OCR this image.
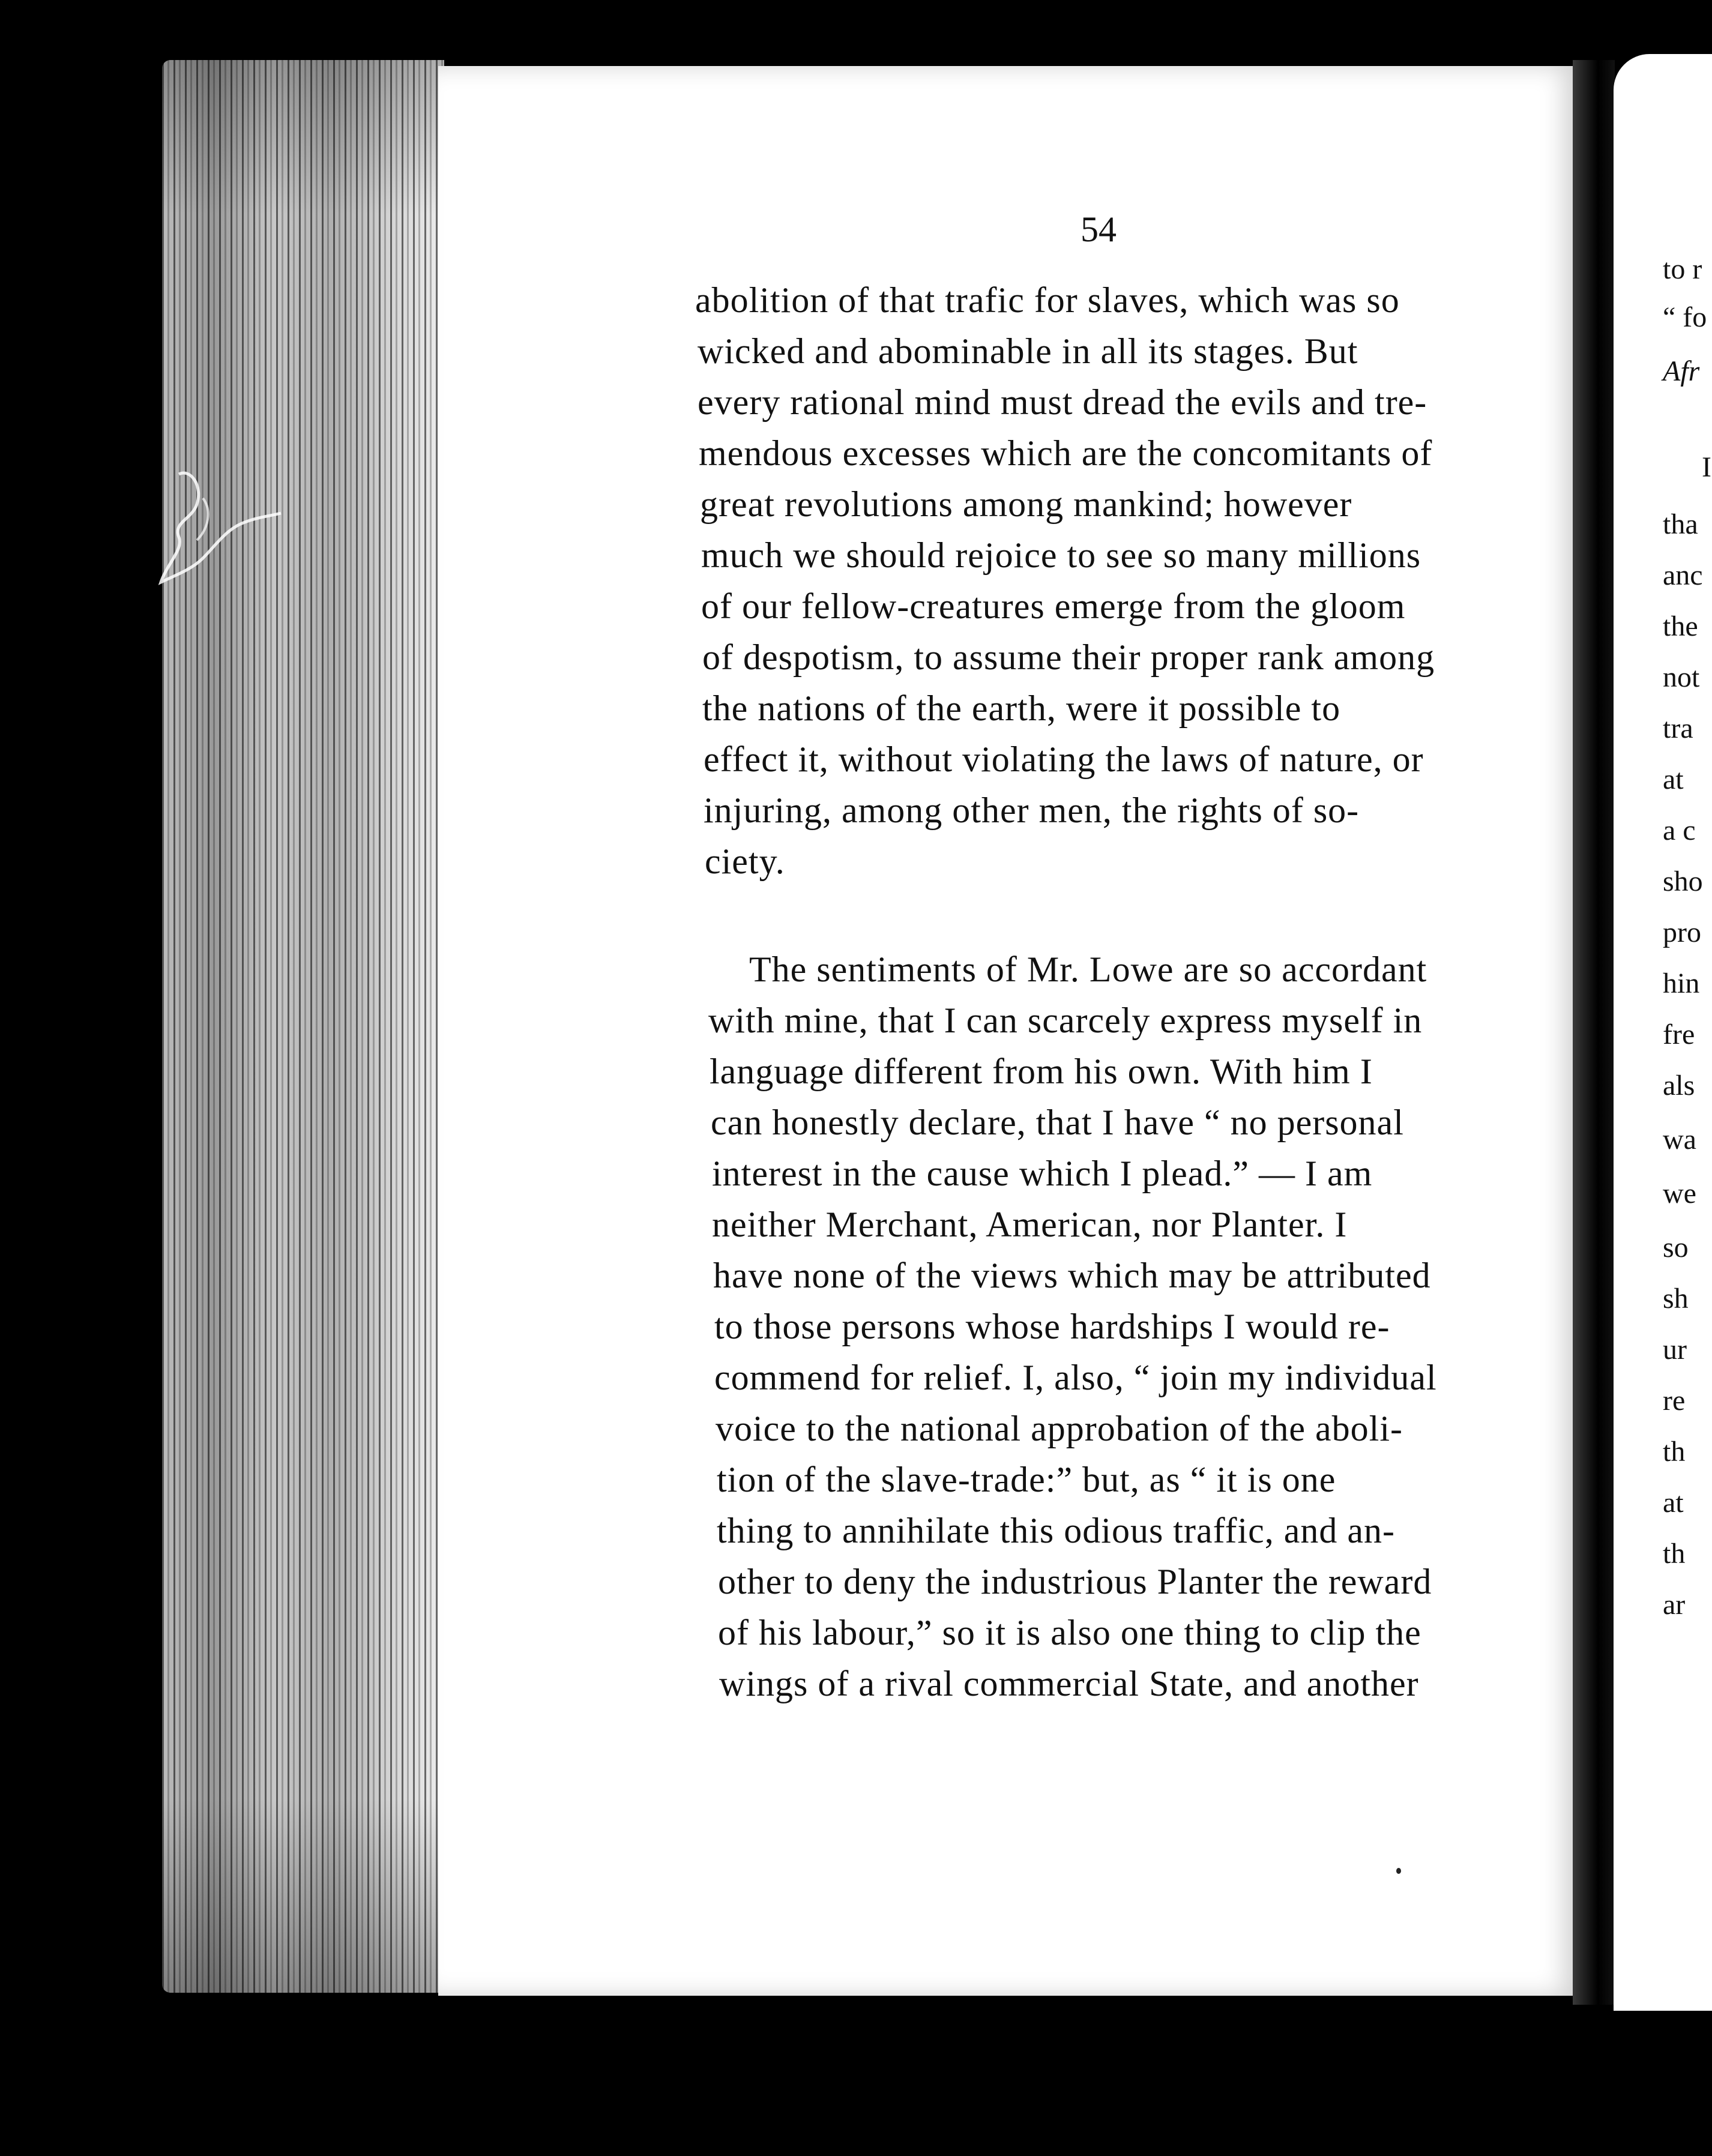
54
abolition of that trafic for slaves, which was so
wicked and abominable in all its stages. But
every rational mind must dread the evils and tre-
mendous excesses which are the concomitants of
great revolutions among mankind; however
much we should rejoice to see so many millions
of our fellow-creatures emerge from the gloom
of despotism, to assume their proper rank among
the nations of the earth, were it possible to
effect it, without violating the laws of nature, or
injuring, among other men, the rights of so-
ciety.
The sentiments of Mr. Lowe are so accordant
with mine, that I can scarcely express myself in
language different from his own. With him I
can honestly declare, that I have “ no personal
interest in the cause which I plead.” — I am
neither Merchant, American, nor Planter. I
have none of the views which may be attributed
to those persons whose hardships I would re-
commend for relief. I, also, “ join my individual
voice to the national approbation of the aboli-
tion of the slave-trade:” but, as “ it is one
thing to annihilate this odious traffic, and an-
other to deny the industrious Planter the reward
of his labour,” so it is also one thing to clip the
wings of a rival commercial State, and another
to r
“ fo
Afr
I
tha
anc
the
not
tra
at
a c
sho
pro
hin
fre
als
wa
we
so
sh
ur
re
th
at
th
ar
